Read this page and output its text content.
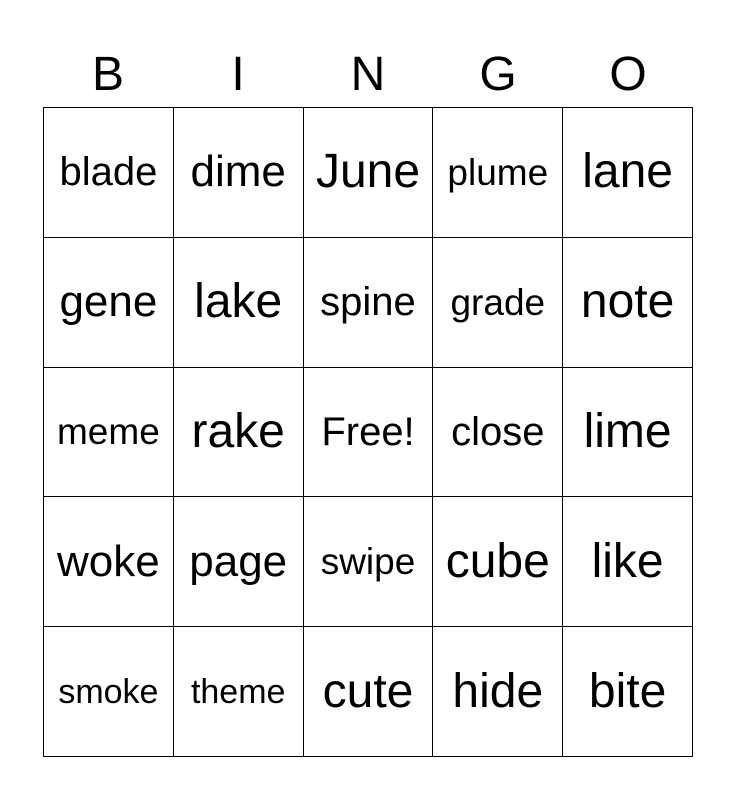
B	I	N	G	O
blade dime June plume lane
gene lake spine grade note
meme rake Free! close lime
woke page swipe cube like
smoke theme cute hide bite
